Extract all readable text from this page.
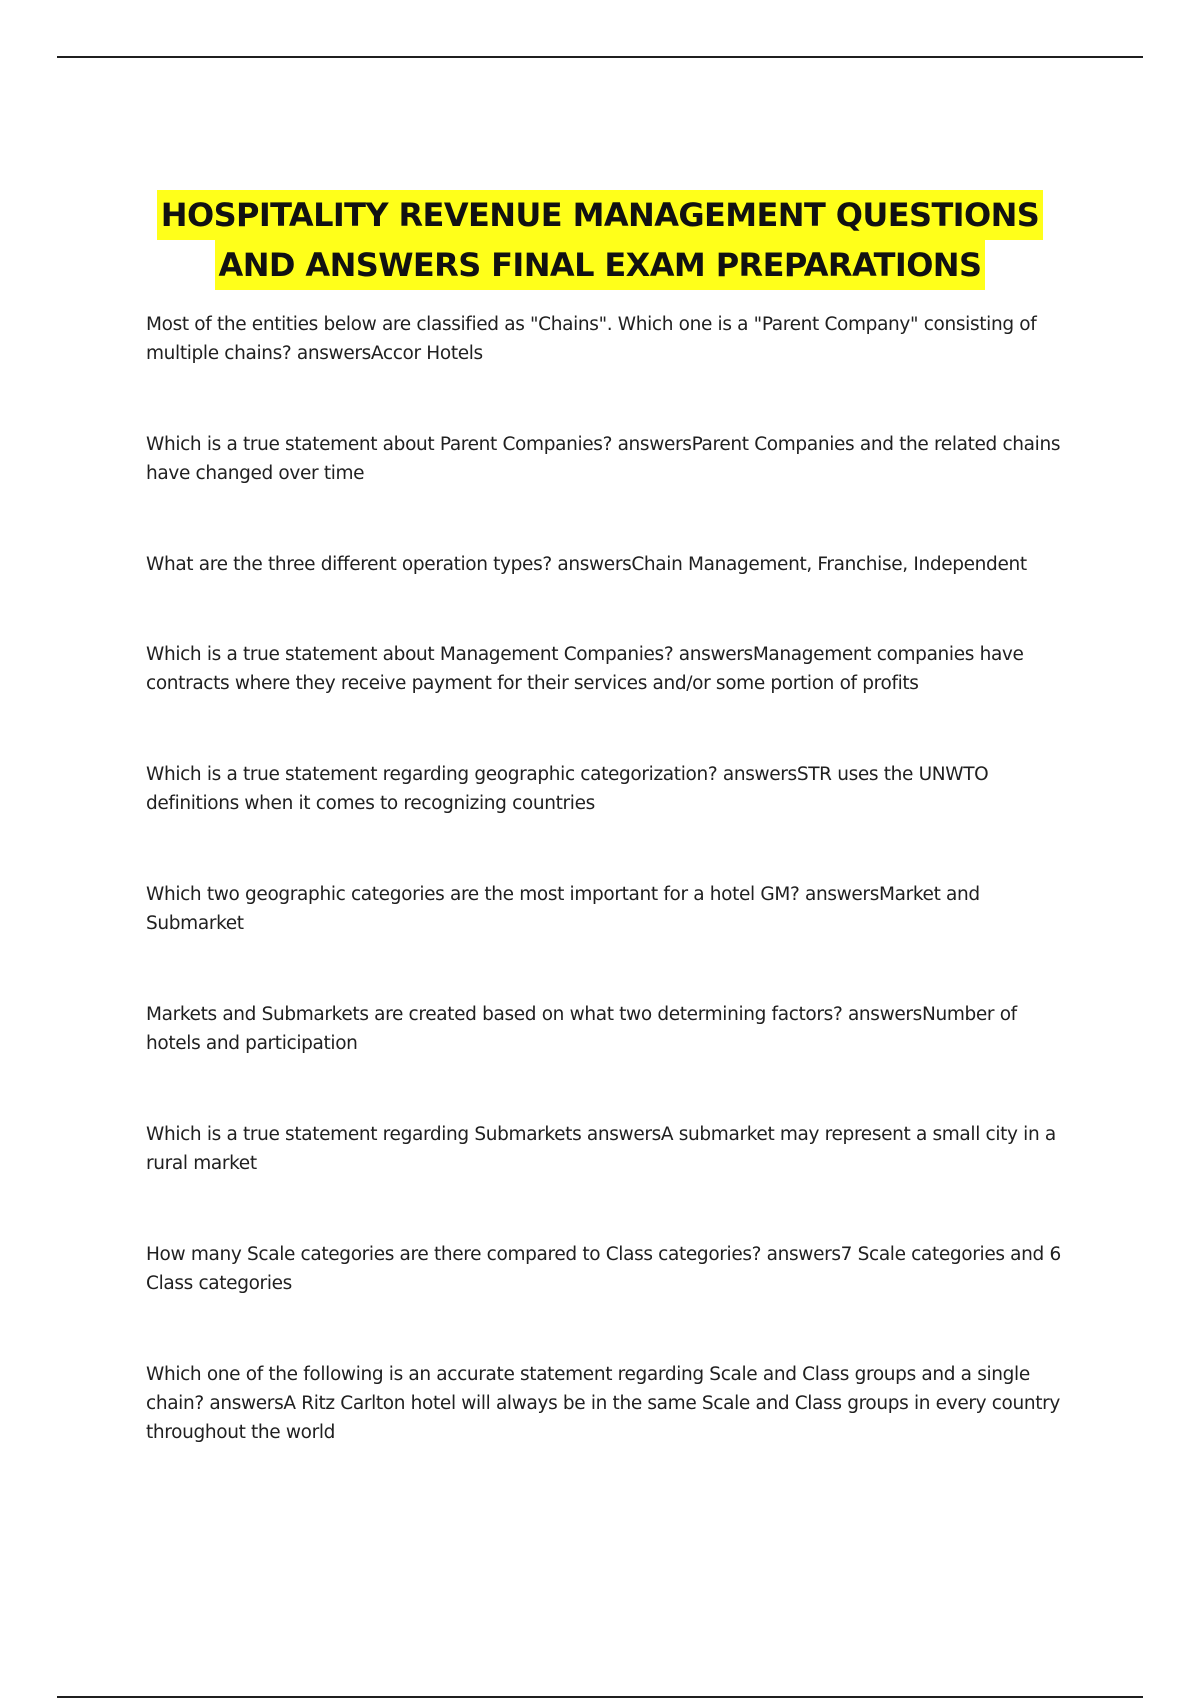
HOSPITALITY REVENUE MANAGEMENT QUESTIONS
AND ANSWERS FINAL EXAM PREPARATIONS

Most of the entities below are classified as "Chains". Which one is a "Parent Company" consisting of multiple chains? answersAccor Hotels

Which is a true statement about Parent Companies? answersParent Companies and the related chains have changed over time

What are the three different operation types? answersChain Management, Franchise, Independent

Which is a true statement about Management Companies? answersManagement companies have contracts where they receive payment for their services and/or some portion of profits

Which is a true statement regarding geographic categorization? answersSTR uses the UNWTO definitions when it comes to recognizing countries

Which two geographic categories are the most important for a hotel GM? answersMarket and Submarket

Markets and Submarkets are created based on what two determining factors? answersNumber of hotels and participation

Which is a true statement regarding Submarkets answersA submarket may represent a small city in a rural market

How many Scale categories are there compared to Class categories? answers7 Scale categories and 6 Class categories

Which one of the following is an accurate statement regarding Scale and Class groups and a single chain? answersA Ritz Carlton hotel will always be in the same Scale and Class groups in every country throughout the world
